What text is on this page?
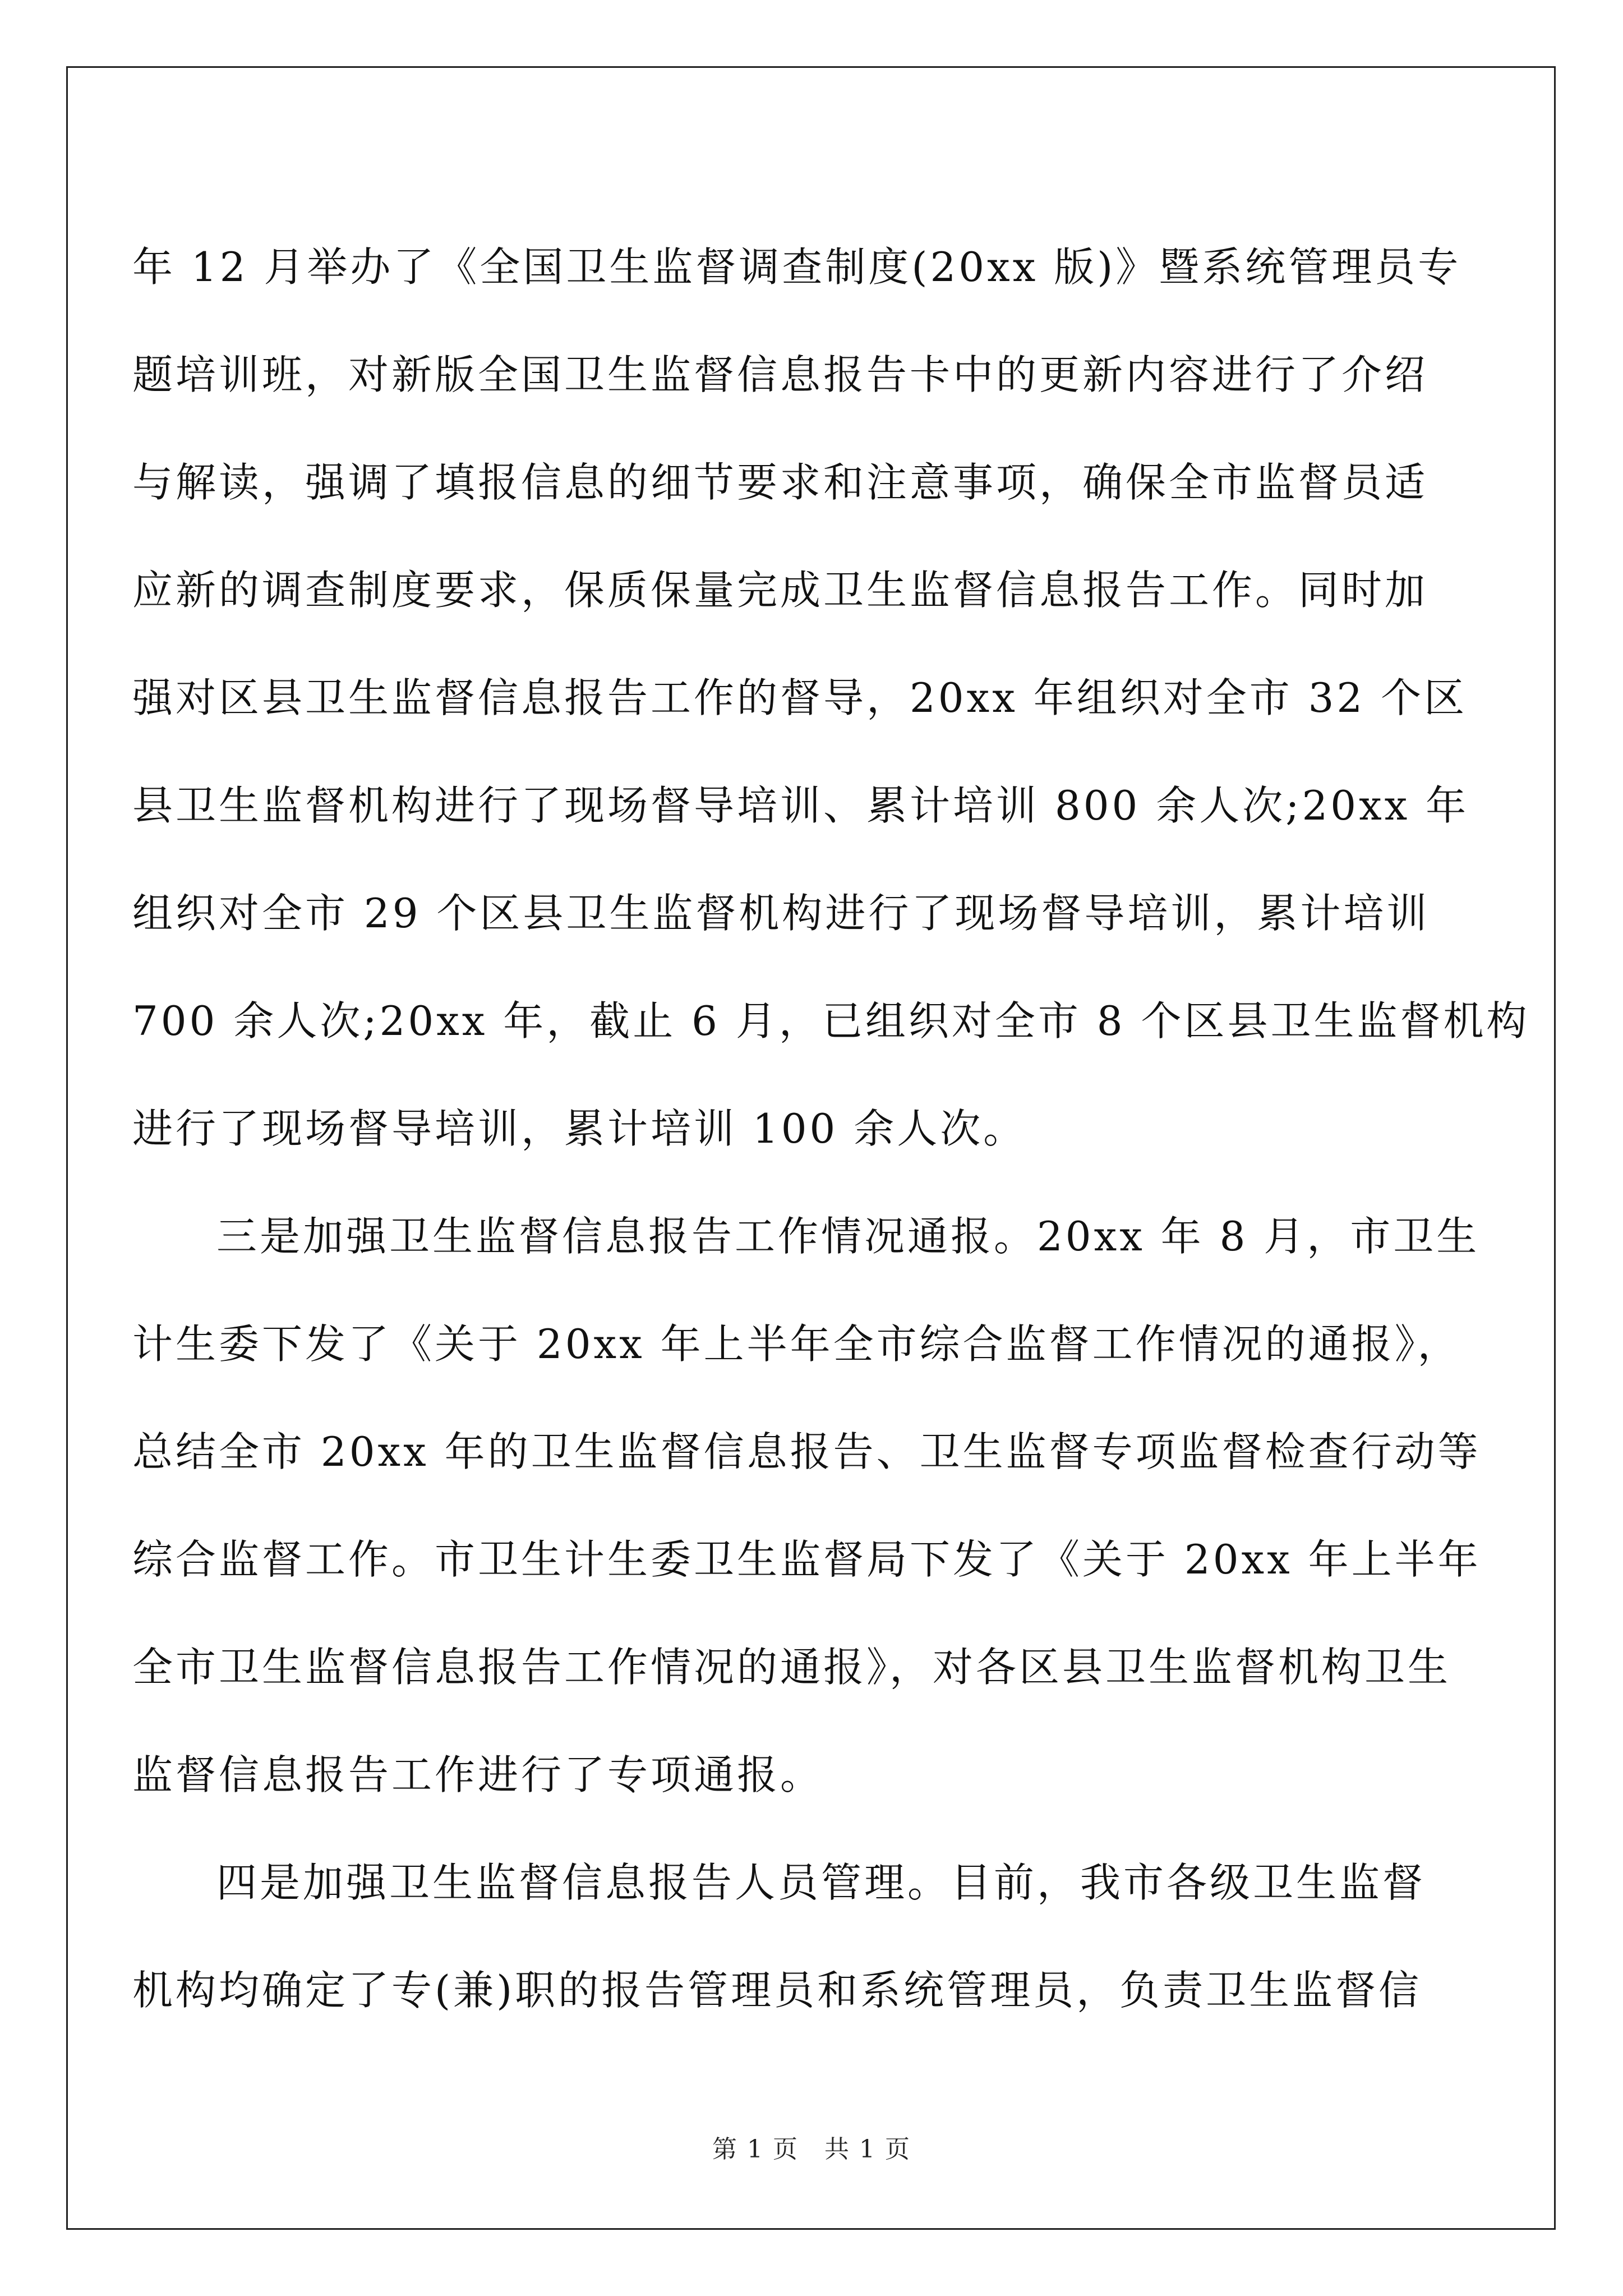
年 12 月举办了《全国卫生监督调查制度(20xx 版)》暨系统管理员专
题培训班，对新版全国卫生监督信息报告卡中的更新内容进行了介绍
与解读，强调了填报信息的细节要求和注意事项，确保全市监督员适
应新的调查制度要求，保质保量完成卫生监督信息报告工作。同时加
强对区县卫生监督信息报告工作的督导，20xx 年组织对全市 32 个区
县卫生监督机构进行了现场督导培训、累计培训 800 余人次;20xx 年
组织对全市 29 个区县卫生监督机构进行了现场督导培训，累计培训
700 余人次;20xx 年，截止 6 月，已组织对全市 8 个区县卫生监督机构
进行了现场督导培训，累计培训 100 余人次。

三是加强卫生监督信息报告工作情况通报。20xx 年 8 月，市卫生
计生委下发了《关于 20xx 年上半年全市综合监督工作情况的通报》，
总结全市 20xx 年的卫生监督信息报告、卫生监督专项监督检查行动等
综合监督工作。市卫生计生委卫生监督局下发了《关于 20xx 年上半年
全市卫生监督信息报告工作情况的通报》，对各区县卫生监督机构卫生
监督信息报告工作进行了专项通报。

四是加强卫生监督信息报告人员管理。目前，我市各级卫生监督
机构均确定了专(兼)职的报告管理员和系统管理员，负责卫生监督信

第 1 页　共 1 页
